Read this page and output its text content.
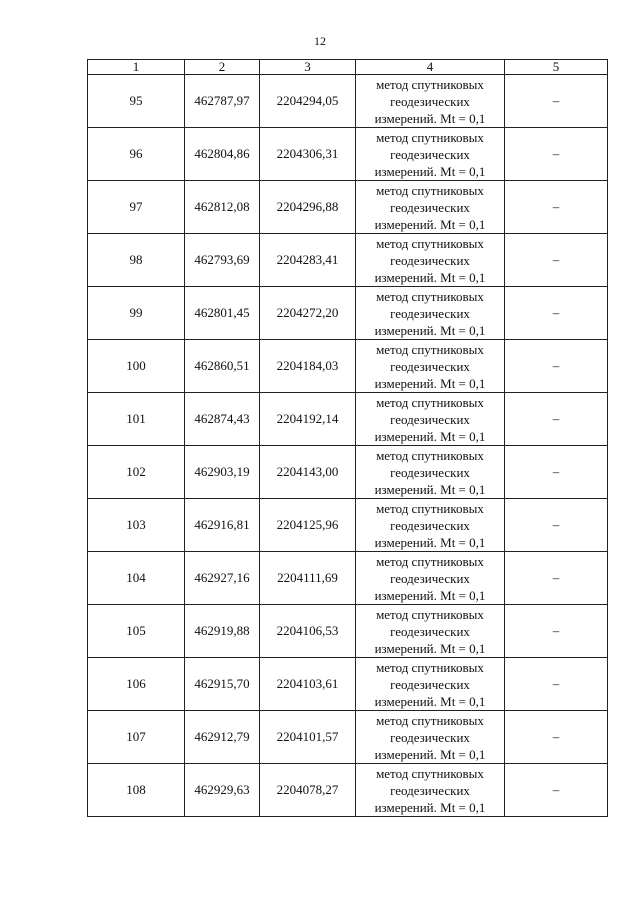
12
1	2	3	4	5
95	462787,97	2204294,05	метод спутниковых
геодезических
измерений. Mt = 0,1	–
96	462804,86	2204306,31	метод спутниковых
геодезических
измерений. Mt = 0,1	–
97	462812,08	2204296,88	метод спутниковых
геодезических
измерений. Mt = 0,1	–
98	462793,69	2204283,41	метод спутниковых
геодезических
измерений. Mt = 0,1	–
99	462801,45	2204272,20	метод спутниковых
геодезических
измерений. Mt = 0,1	–
100	462860,51	2204184,03	метод спутниковых
геодезических
измерений. Mt = 0,1	–
101	462874,43	2204192,14	метод спутниковых
геодезических
измерений. Mt = 0,1	–
102	462903,19	2204143,00	метод спутниковых
геодезических
измерений. Mt = 0,1	–
103	462916,81	2204125,96	метод спутниковых
геодезических
измерений. Mt = 0,1	–
104	462927,16	2204111,69	метод спутниковых
геодезических
измерений. Mt = 0,1	–
105	462919,88	2204106,53	метод спутниковых
геодезических
измерений. Mt = 0,1	–
106	462915,70	2204103,61	метод спутниковых
геодезических
измерений. Mt = 0,1	–
107	462912,79	2204101,57	метод спутниковых
геодезических
измерений. Mt = 0,1	–
108	462929,63	2204078,27	метод спутниковых
геодезических
измерений. Mt = 0,1	–
